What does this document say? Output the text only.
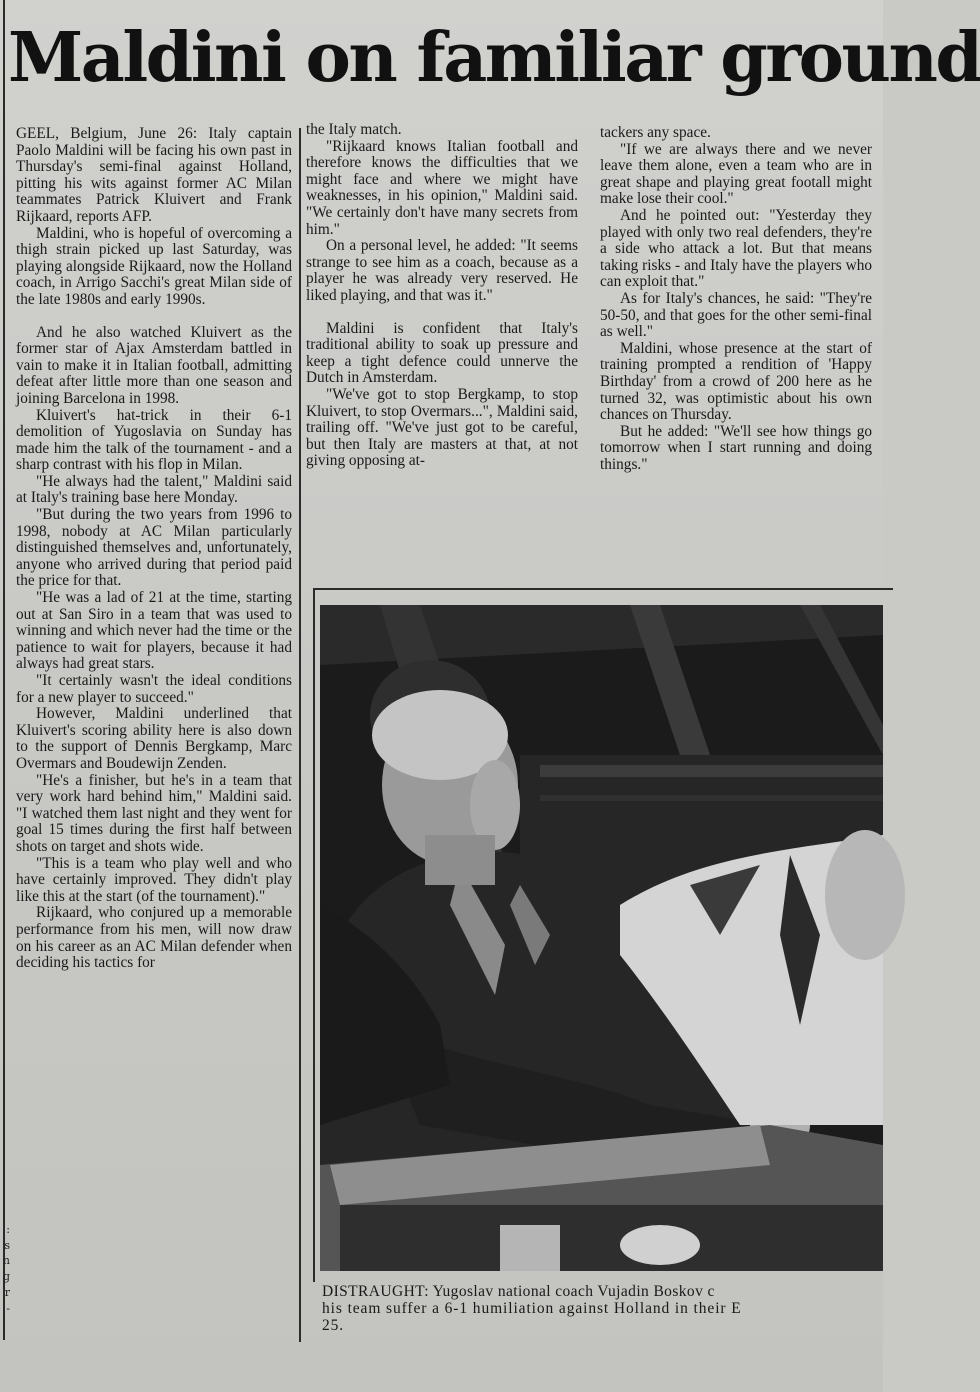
:
s
n
g
r
-
Maldini on familiar ground

GEEL, Belgium, June 26: Italy captain Paolo Maldini will be facing his own past in Thursday's semi-final against Holland, pitting his wits against former AC Milan teammates Patrick Kluivert and Frank Rijkaard, reports AFP.

Maldini, who is hopeful of overcoming a thigh strain picked up last Saturday, was playing alongside Rijkaard, now the Holland coach, in Arrigo Sacchi's great Milan side of the late 1980s and early 1990s.

And he also watched Kluivert as the former star of Ajax Amsterdam battled in vain to make it in Italian football, admitting defeat after little more than one season and joining Barcelona in 1998.

Kluivert's hat-trick in their 6-1 demolition of Yugoslavia on Sunday has made him the talk of the tournament - and a sharp contrast with his flop in Milan.

"He always had the talent," Maldini said at Italy's training base here Monday.

"But during the two years from 1996 to 1998, nobody at AC Milan particularly distinguished themselves and, unfortunately, anyone who arrived during that period paid the price for that.

"He was a lad of 21 at the time, starting out at San Siro in a team that was used to winning and which never had the time or the patience to wait for players, because it had always had great stars.

"It certainly wasn't the ideal conditions for a new player to succeed."

However, Maldini underlined that Kluivert's scoring ability here is also down to the support of Dennis Bergkamp, Marc Overmars and Boudewijn Zenden.

"He's a finisher, but he's in a team that very work hard behind him," Maldini said. "I watched them last night and they went for goal 15 times during the first half between shots on target and shots wide.

"This is a team who play well and who have certainly improved. They didn't play like this at the start (of the tournament)."

Rijkaard, who conjured up a memorable performance from his men, will now draw on his career as an AC Milan defender when deciding his tactics for

the Italy match.

"Rijkaard knows Italian football and therefore knows the difficulties that we might face and where we might have weaknesses, in his opinion," Maldini said. "We certainly don't have many secrets from him."

On a personal level, he added: "It seems strange to see him as a coach, because as a player he was already very reserved. He liked playing, and that was it."

Maldini is confident that Italy's traditional ability to soak up pressure and keep a tight defence could unnerve the Dutch in Amsterdam.

"We've got to stop Bergkamp, to stop Kluivert, to stop Overmars...", Maldini said, trailing off. "We've just got to be careful, but then Italy are masters at that, at not giving opposing at-

tackers any space.

"If we are always there and we never leave them alone, even a team who are in great shape and playing great footall might make lose their cool."

And he pointed out: "Yesterday they played with only two real defenders, they're a side who attack a lot. But that means taking risks - and Italy have the players who can exploit that."

As for Italy's chances, he said: "They're 50-50, and that goes for the other semi-final as well."

Maldini, whose presence at the start of training prompted a rendition of 'Happy Birthday' from a crowd of 200 here as he turned 32, was optimistic about his own chances on Thursday.

But he added: "We'll see how things go tomorrow when I start running and doing things."

DISTRAUGHT: Yugoslav national coach Vujadin Boskov c
his team suffer a 6-1 humiliation against Holland in their E
25.
